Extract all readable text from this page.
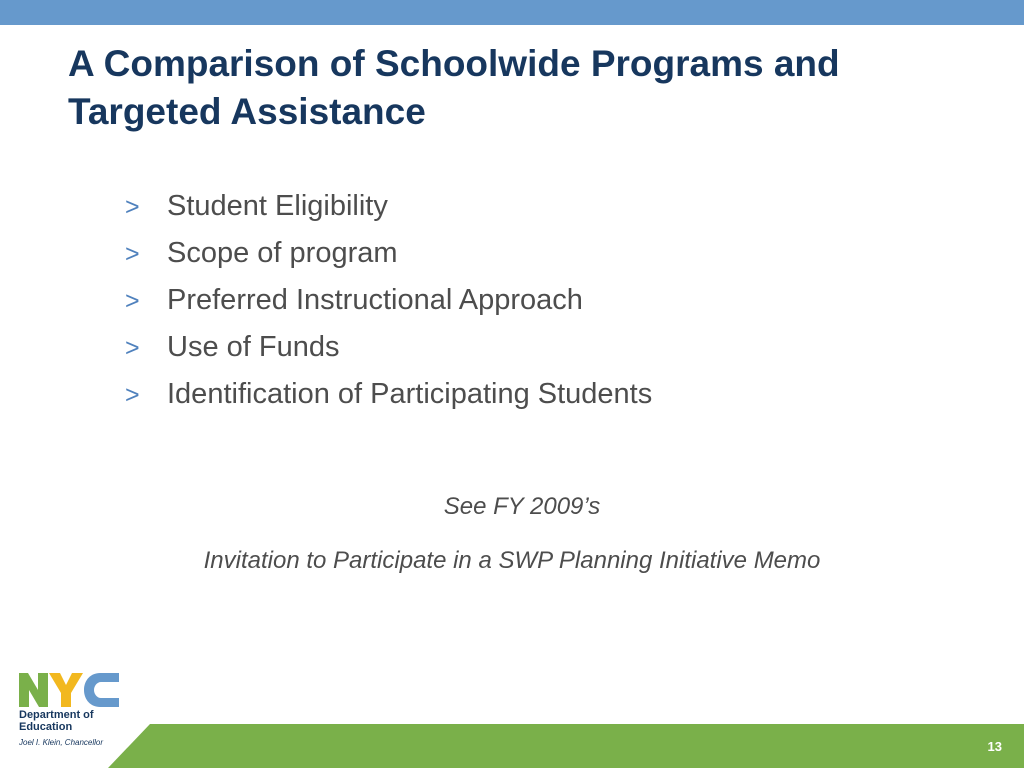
A Comparison of Schoolwide Programs and Targeted Assistance
> Student Eligibility
> Scope of program
> Preferred Instructional Approach
> Use of Funds
> Identification of Participating Students

See FY 2009’s

Invitation to Participate in a SWP Planning Initiative Memo

Department of Education
Joel I. Klein, Chancellor	13
